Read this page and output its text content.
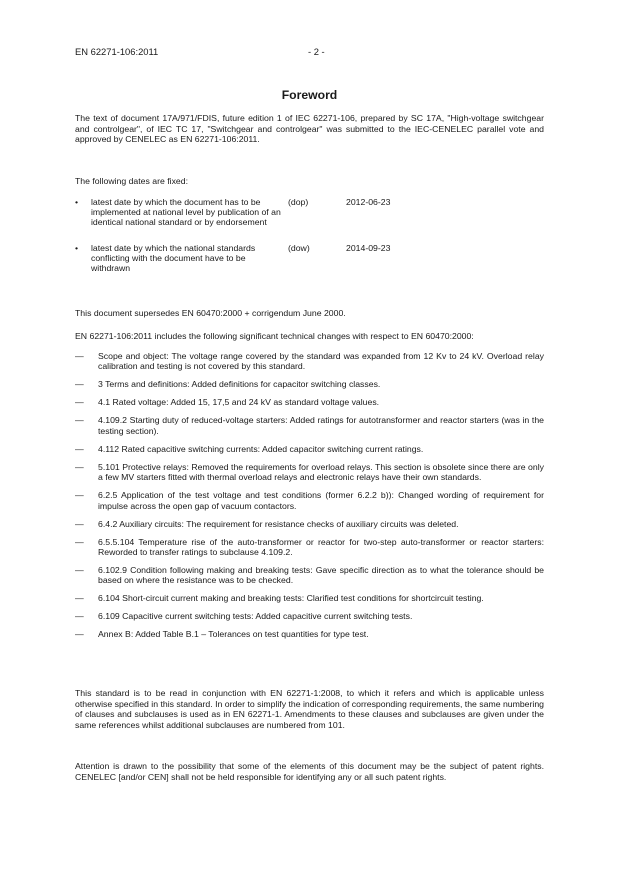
EN 62271-106:2011	- 2 -
Foreword

The text of document 17A/971/FDIS, future edition 1 of IEC 62271-106, prepared by SC 17A, "High-voltage switchgear and controlgear", of IEC TC 17, "Switchgear and controlgear" was submitted to the IEC-CENELEC parallel vote and approved by CENELEC as EN 62271-106:2011.

The following dates are fixed:

• latest date by which the document has to be implemented at national level by publication of an identical national standard or by endorsement
(dop)	2012-06-23
• latest date by which the national standards conflicting with the document have to be withdrawn
(dow)	2014-09-23

This document supersedes EN 60470:2000 + corrigendum June 2000.

EN 62271-106:2011 includes the following significant technical changes with respect to EN 60470:2000:

— Scope and object: The voltage range covered by the standard was expanded from 12 Kv to 24 kV. Overload relay calibration and testing is not covered by this standard.
— 3 Terms and definitions: Added definitions for capacitor switching classes.
— 4.1 Rated voltage: Added 15, 17,5 and 24 kV as standard voltage values.
— 4.109.2 Starting duty of reduced-voltage starters: Added ratings for autotransformer and reactor starters (was in the testing section).
— 4.112 Rated capacitive switching currents: Added capacitor switching current ratings.
— 5.101 Protective relays: Removed the requirements for overload relays. This section is obsolete since there are only a few MV starters fitted with thermal overload relays and electronic relays have their own standards.
— 6.2.5 Application of the test voltage and test conditions (former 6.2.2 b)): Changed wording of requirement for impulse across the open gap of vacuum contactors.
— 6.4.2 Auxiliary circuits: The requirement for resistance checks of auxiliary circuits was deleted.
— 6.5.5.104 Temperature rise of the auto-transformer or reactor for two-step auto-transformer or reactor starters: Reworded to transfer ratings to subclause 4.109.2.
— 6.102.9 Condition following making and breaking tests: Gave specific direction as to what the tolerance should be based on where the resistance was to be checked.
— 6.104 Short-circuit current making and breaking tests: Clarified test conditions for shortcircuit testing.
— 6.109 Capacitive current switching tests: Added capacitive current switching tests.
— Annex B: Added Table B.1 – Tolerances on test quantities for type test.

This standard is to be read in conjunction with EN 62271-1:2008, to which it refers and which is applicable unless otherwise specified in this standard. In order to simplify the indication of corresponding requirements, the same numbering of clauses and subclauses is used as in EN 62271-1. Amendments to these clauses and subclauses are given under the same references whilst additional subclauses are numbered from 101.

Attention is drawn to the possibility that some of the elements of this document may be the subject of patent rights. CENELEC [and/or CEN] shall not be held responsible for identifying any or all such patent rights.
